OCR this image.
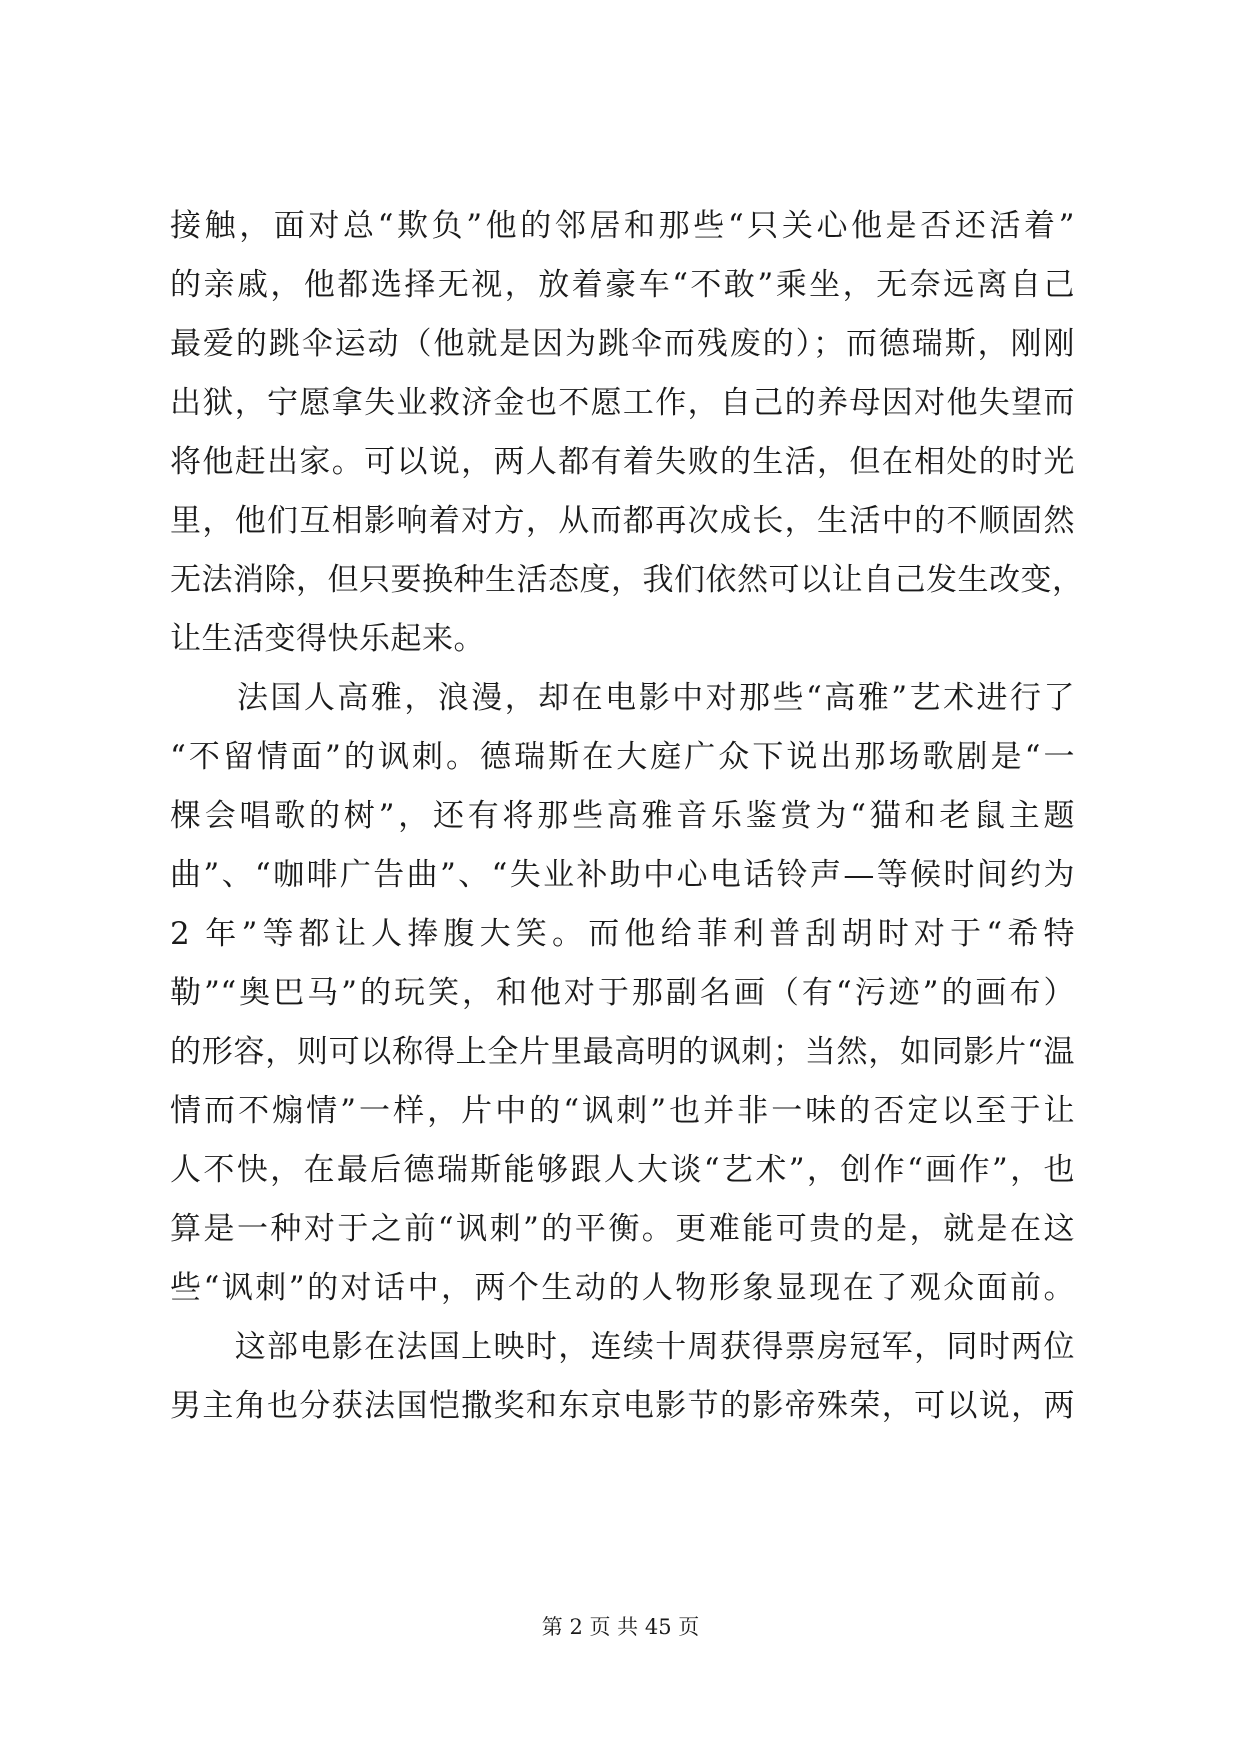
接触，面对总“欺负”他的邻居和那些“只关心他是否还活着”
的亲戚，他都选择无视，放着豪车“不敢”乘坐，无奈远离自己
最爱的跳伞运动（他就是因为跳伞而残废的）；而德瑞斯，刚刚
出狱，宁愿拿失业救济金也不愿工作，自己的养母因对他失望而
将他赶出家。可以说，两人都有着失败的生活，但在相处的时光
里，他们互相影响着对方，从而都再次成长，生活中的不顺固然
无法消除，但只要换种生活态度，我们依然可以让自己发生改变，
让生活变得快乐起来。
　　法国人高雅，浪漫，却在电影中对那些“高雅”艺术进行了
“不留情面”的讽刺。德瑞斯在大庭广众下说出那场歌剧是“一
棵会唱歌的树”，还有将那些高雅音乐鉴赏为“猫和老鼠主题
曲”、“咖啡广告曲”、“失业补助中心电话铃声—等候时间约为
2 年”等都让人捧腹大笑。而他给菲利普刮胡时对于“希特
勒”“奥巴马”的玩笑，和他对于那副名画（有“污迹”的画布）
的形容，则可以称得上全片里最高明的讽刺；当然，如同影片“温
情而不煽情”一样，片中的“讽刺”也并非一味的否定以至于让
人不快，在最后德瑞斯能够跟人大谈“艺术”，创作“画作”，也
算是一种对于之前“讽刺”的平衡。更难能可贵的是，就是在这
些“讽刺”的对话中，两个生动的人物形象显现在了观众面前。
　　这部电影在法国上映时，连续十周获得票房冠军，同时两位
男主角也分获法国恺撒奖和东京电影节的影帝殊荣，可以说，两
第 2 页 共 45 页
